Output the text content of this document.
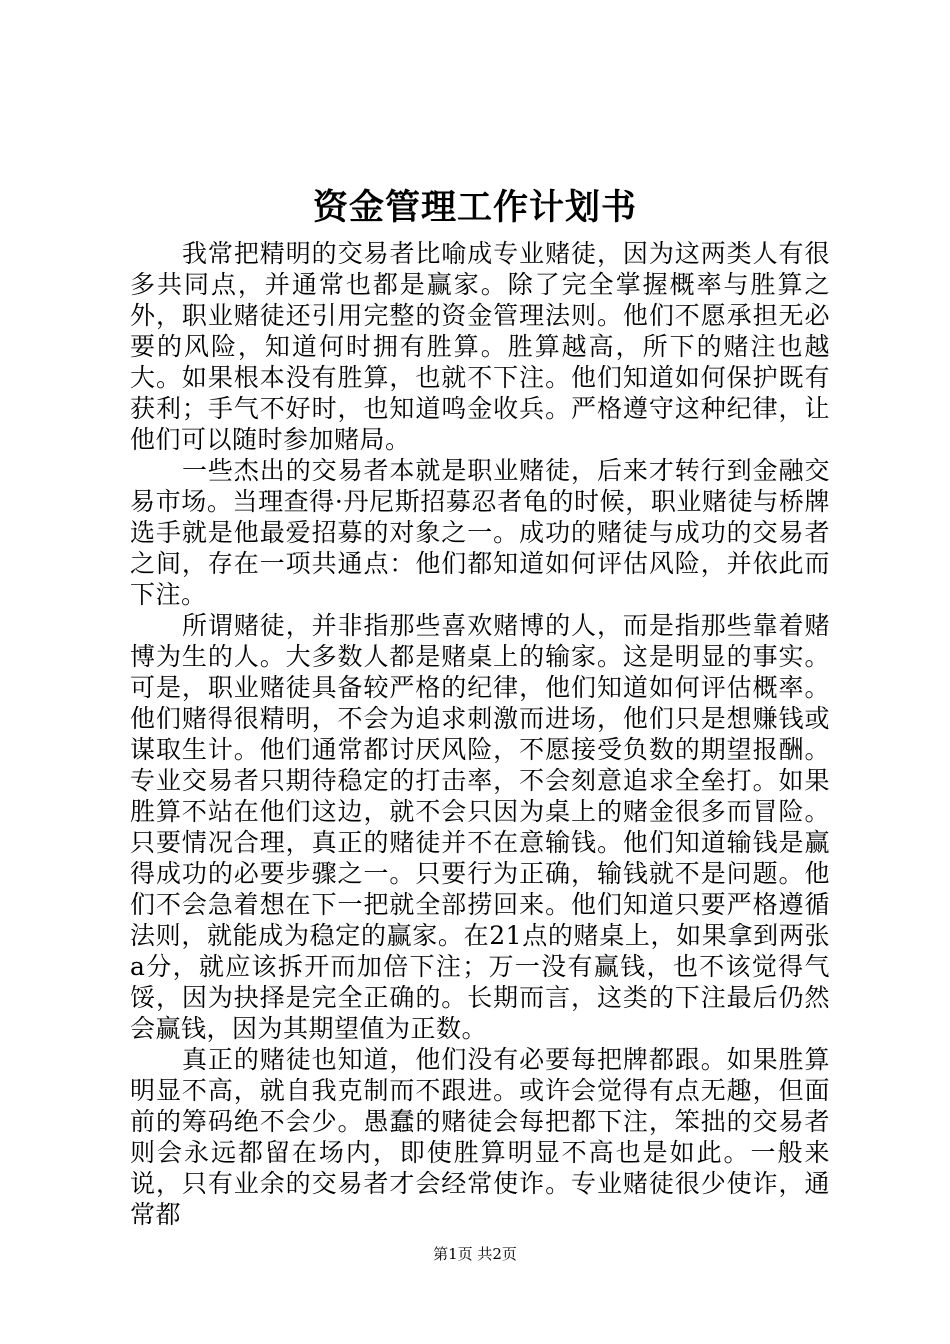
资金管理工作计划书

我常把精明的交易者比喻成专业赌徒，因为这两类人有很多共同点，并通常也都是赢家。除了完全掌握概率与胜算之外，职业赌徒还引用完整的资金管理法则。他们不愿承担无必要的风险，知道何时拥有胜算。胜算越高，所下的赌注也越大。如果根本没有胜算，也就不下注。他们知道如何保护既有获利；手气不好时，也知道鸣金收兵。严格遵守这种纪律，让他们可以随时参加赌局。

一些杰出的交易者本就是职业赌徒，后来才转行到金融交易市场。当理查得·丹尼斯招募忍者龟的时候，职业赌徒与桥牌选手就是他最爱招募的对象之一。成功的赌徒与成功的交易者之间，存在一项共通点：他们都知道如何评估风险，并依此而下注。

所谓赌徒，并非指那些喜欢赌博的人，而是指那些靠着赌博为生的人。大多数人都是赌桌上的输家。这是明显的事实。可是，职业赌徒具备较严格的纪律，他们知道如何评估概率。他们赌得很精明，不会为追求刺激而进场，他们只是想赚钱或谋取生计。他们通常都讨厌风险，不愿接受负数的期望报酬。专业交易者只期待稳定的打击率，不会刻意追求全垒打。如果胜算不站在他们这边，就不会只因为桌上的赌金很多而冒险。只要情况合理，真正的赌徒并不在意输钱。他们知道输钱是赢得成功的必要步骤之一。只要行为正确，输钱就不是问题。他们不会急着想在下一把就全部捞回来。他们知道只要严格遵循法则，就能成为稳定的赢家。在21点的赌桌上，如果拿到两张a分，就应该拆开而加倍下注；万一没有赢钱，也不该觉得气馁，因为抉择是完全正确的。长期而言，这类的下注最后仍然会赢钱，因为其期望值为正数。

真正的赌徒也知道，他们没有必要每把牌都跟。如果胜算明显不高，就自我克制而不跟进。或许会觉得有点无趣，但面前的筹码绝不会少。愚蠢的赌徒会每把都下注，笨拙的交易者则会永远都留在场内，即使胜算明显不高也是如此。一般来说，只有业余的交易者才会经常使诈。专业赌徒很少使诈，通常都

第1页 共2页
